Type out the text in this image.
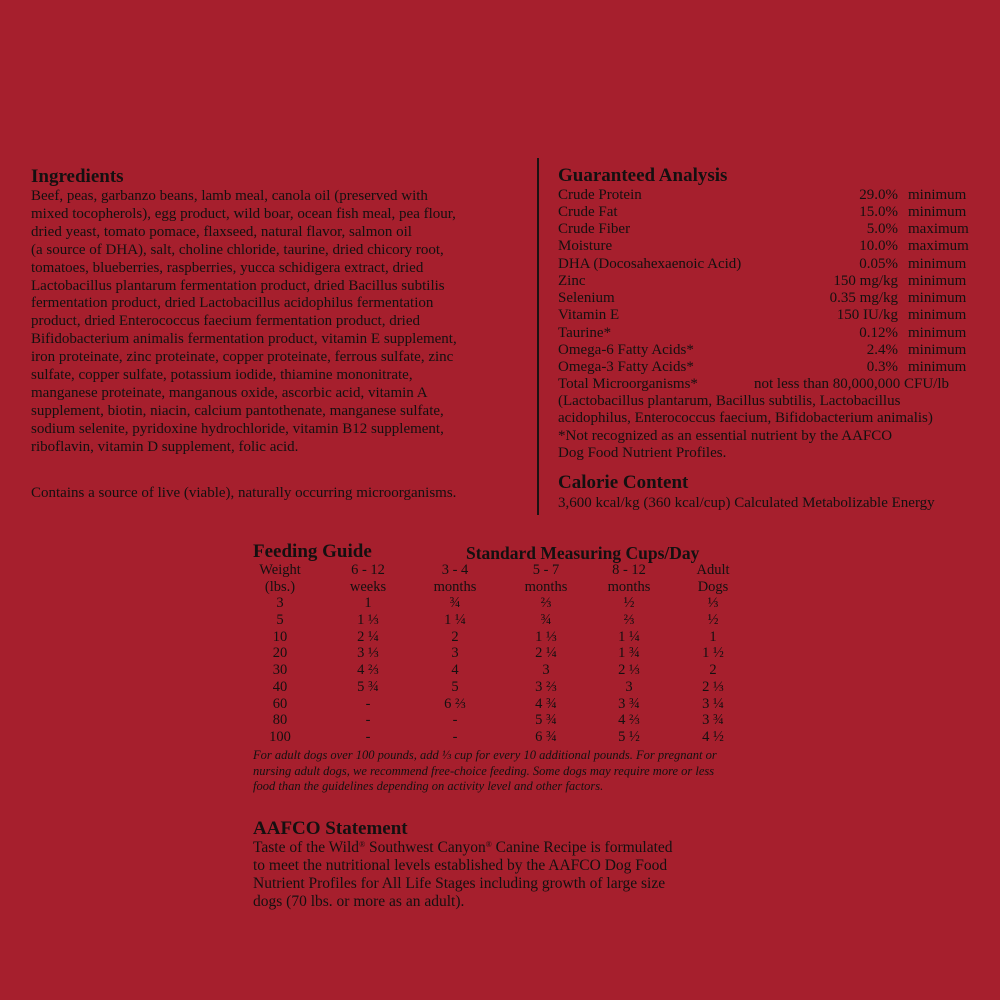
Ingredients
Beef, peas, garbanzo beans, lamb meal, canola oil (preserved with
mixed tocopherols), egg product, wild boar, ocean fish meal, pea flour,
dried yeast, tomato pomace, flaxseed, natural flavor, salmon oil
(a source of DHA), salt, choline chloride, taurine, dried chicory root,
tomatoes, blueberries, raspberries, yucca schidigera extract, dried
Lactobacillus plantarum fermentation product, dried Bacillus subtilis
fermentation product, dried Lactobacillus acidophilus fermentation
product, dried Enterococcus faecium fermentation product, dried
Bifidobacterium animalis fermentation product, vitamin E supplement,
iron proteinate, zinc proteinate, copper proteinate, ferrous sulfate, zinc
sulfate, copper sulfate, potassium iodide, thiamine mononitrate,
manganese proteinate, manganous oxide, ascorbic acid, vitamin A
supplement, biotin, niacin, calcium pantothenate, manganese sulfate,
sodium selenite, pyridoxine hydrochloride, vitamin B12 supplement,
riboflavin, vitamin D supplement, folic acid.
Contains a source of live (viable), naturally occurring microorganisms.
Guaranteed Analysis
Crude Protein	29.0% minimum
Crude Fat	15.0% minimum
Crude Fiber	5.0% maximum
Moisture	10.0% maximum
DHA (Docosahexaenoic Acid)	0.05% minimum
Zinc	150 mg/kg minimum
Selenium	0.35 mg/kg minimum
Vitamin E	150 IU/kg minimum
Taurine*	0.12% minimum
Omega-6 Fatty Acids*	2.4% minimum
Omega-3 Fatty Acids*	0.3% minimum
Total Microorganisms*	not less than 80,000,000 CFU/lb
(Lactobacillus plantarum, Bacillus subtilis, Lactobacillus
acidophilus, Enterococcus faecium, Bifidobacterium animalis)
*Not recognized as an essential nutrient by the AAFCO
Dog Food Nutrient Profiles.
Calorie Content
3,600 kcal/kg (360 kcal/cup) Calculated Metabolizable Energy
Feeding Guide	Standard Measuring Cups/Day
Weight	6 - 12	3 - 4	5 - 7	8 - 12	Adult
(lbs.)	weeks	months	months	months	Dogs
3	1	¾	⅔	½	⅓
5	1 ⅓	1 ¼	¾	⅔	½
10	2 ¼	2	1 ⅓	1 ¼	1
20	3 ⅓	3	2 ¼	1 ¾	1 ½
30	4 ⅔	4	3	2 ⅓	2
40	5 ¾	5	3 ⅔	3	2 ⅓
60	-	6 ⅔	4 ¾	3 ¾	3 ¼
80	-	-	5 ¾	4 ⅔	3 ¾
100	-	-	6 ¾	5 ½	4 ½
For adult dogs over 100 pounds, add ⅓ cup for every 10 additional pounds. For pregnant or
nursing adult dogs, we recommend free-choice feeding. Some dogs may require more or less
food than the guidelines depending on activity level and other factors.
AAFCO Statement
Taste of the Wild® Southwest Canyon® Canine Recipe is formulated
to meet the nutritional levels established by the AAFCO Dog Food
Nutrient Profiles for All Life Stages including growth of large size
dogs (70 lbs. or more as an adult).
